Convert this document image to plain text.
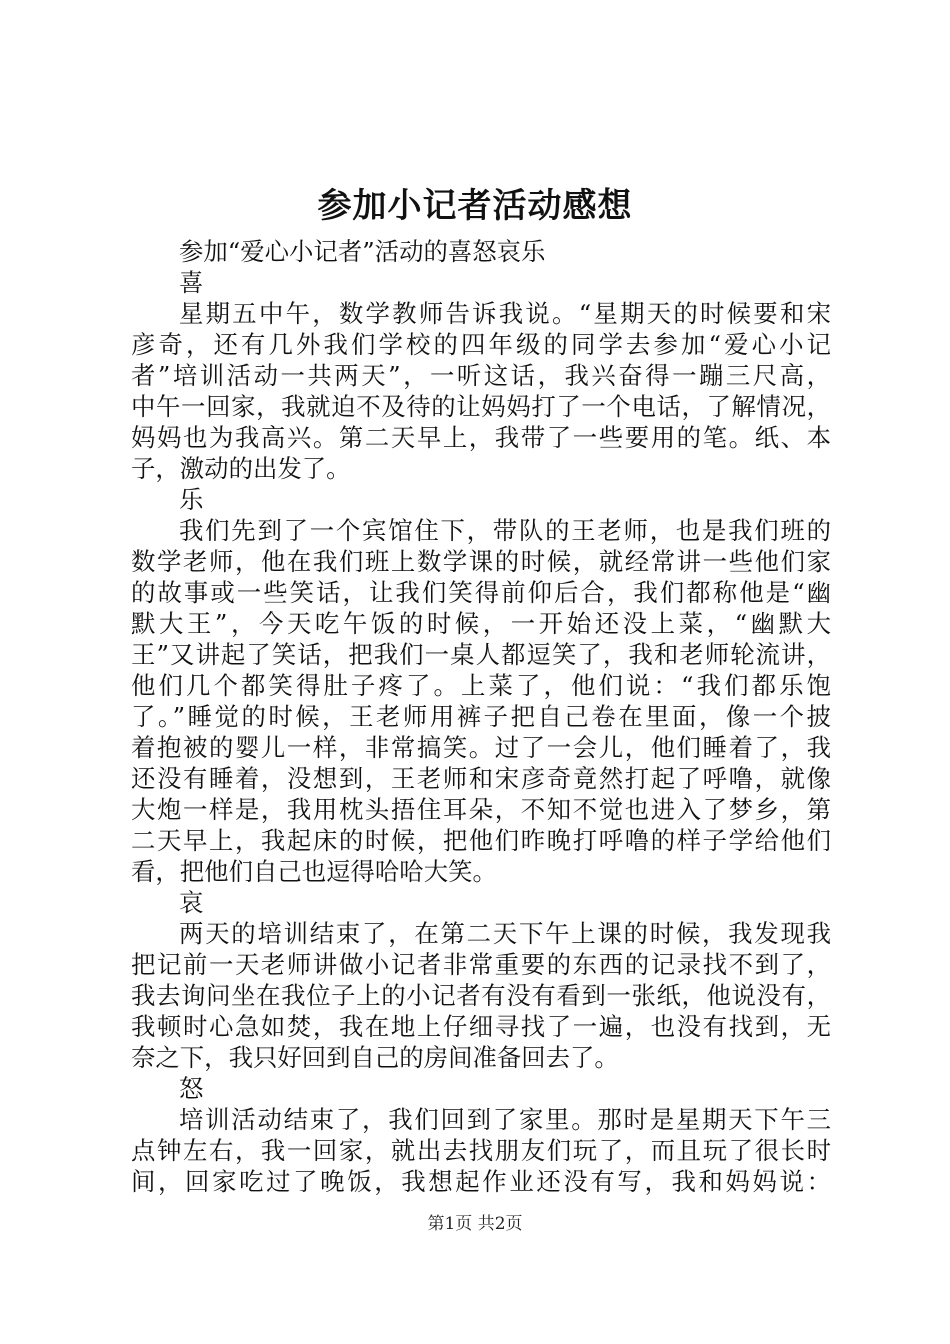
参加小记者活动感想
参加“爱心小记者”活动的喜怒哀乐
喜
星期五中午，数学教师告诉我说。“星期天的时候要和宋
彦奇，还有几外我们学校的四年级的同学去参加“爱心小记
者”培训活动一共两天”，一听这话，我兴奋得一蹦三尺高，
中午一回家，我就迫不及待的让妈妈打了一个电话，了解情况，
妈妈也为我高兴。第二天早上，我带了一些要用的笔。纸、本
子，激动的出发了。
乐
我们先到了一个宾馆住下，带队的王老师，也是我们班的
数学老师，他在我们班上数学课的时候，就经常讲一些他们家
的故事或一些笑话，让我们笑得前仰后合，我们都称他是“幽
默大王”，今天吃午饭的时候，一开始还没上菜，“幽默大
王”又讲起了笑话，把我们一桌人都逗笑了，我和老师轮流讲，
他们几个都笑得肚子疼了。上菜了，他们说：“我们都乐饱
了。”睡觉的时候，王老师用裤子把自己卷在里面，像一个披
着抱被的婴儿一样，非常搞笑。过了一会儿，他们睡着了，我
还没有睡着，没想到，王老师和宋彦奇竟然打起了呼噜，就像
大炮一样是，我用枕头捂住耳朵，不知不觉也进入了梦乡，第
二天早上，我起床的时候，把他们昨晚打呼噜的样子学给他们
看，把他们自己也逗得哈哈大笑。
哀
两天的培训结束了，在第二天下午上课的时候，我发现我
把记前一天老师讲做小记者非常重要的东西的记录找不到了，
我去询问坐在我位子上的小记者有没有看到一张纸，他说没有，
我顿时心急如焚，我在地上仔细寻找了一遍，也没有找到，无
奈之下，我只好回到自己的房间准备回去了。
怒
培训活动结束了，我们回到了家里。那时是星期天下午三
点钟左右，我一回家，就出去找朋友们玩了，而且玩了很长时
间，回家吃过了晚饭，我想起作业还没有写，我和妈妈说：
第1页 共2页
